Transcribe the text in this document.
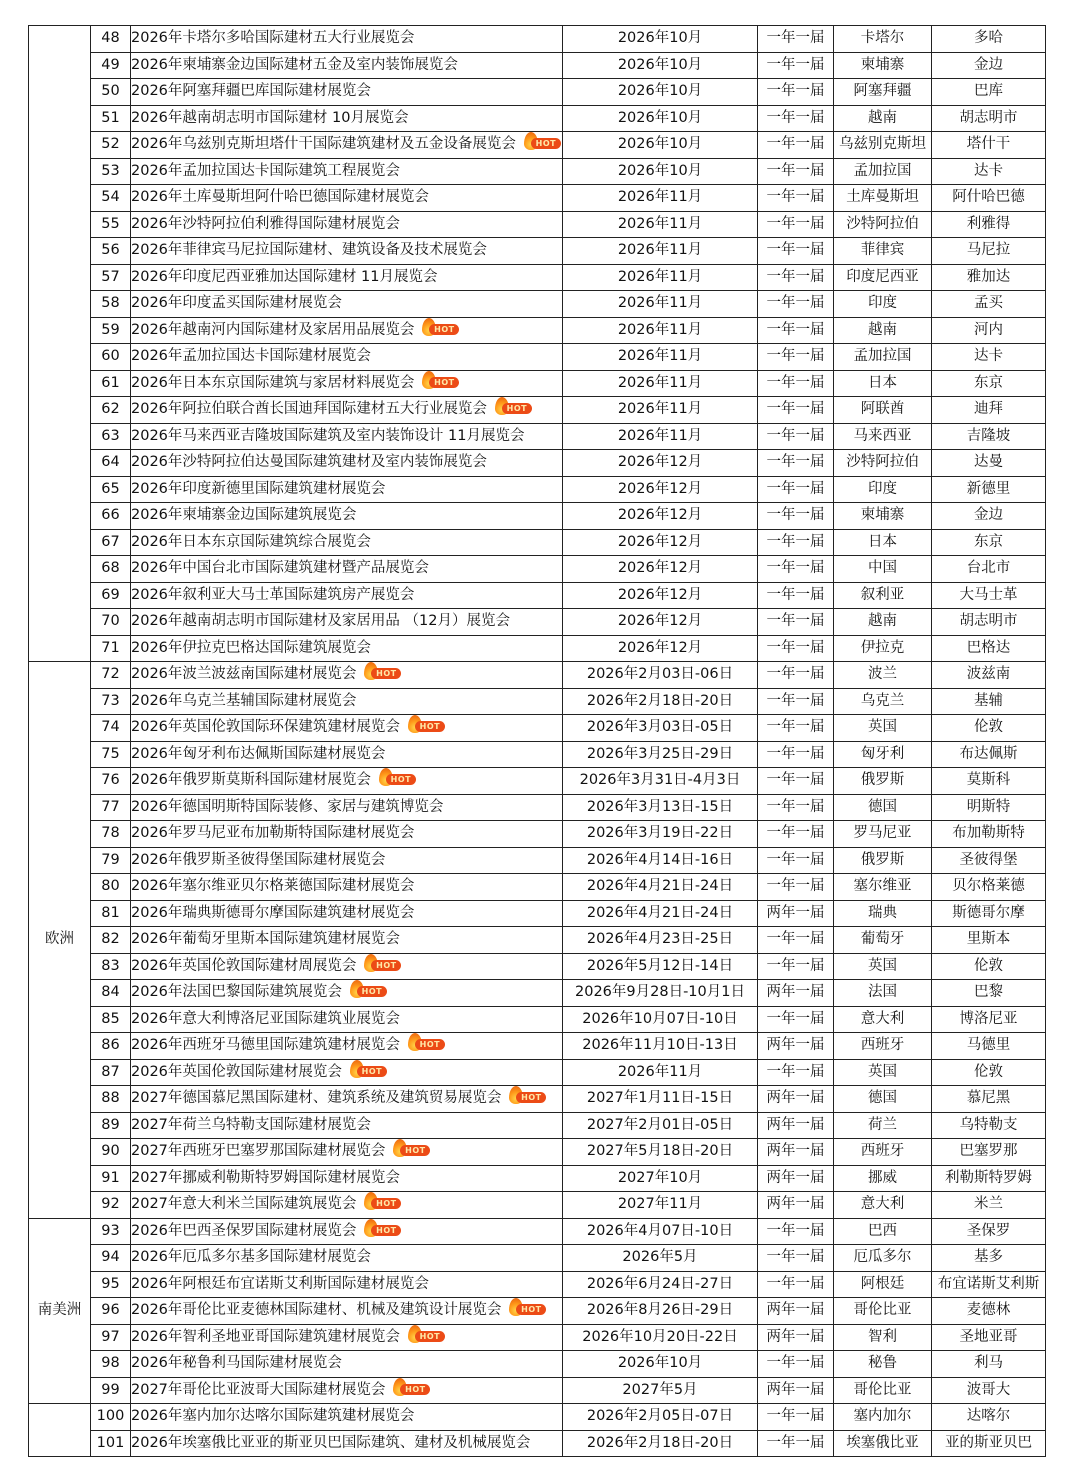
	48	2026年卡塔尔多哈国际建材五大行业展览会	2026年10月	一年一届	卡塔尔	多哈
	49	2026年柬埔寨金边国际建材五金及室内装饰展览会	2026年10月	一年一届	柬埔寨	金边
	50	2026年阿塞拜疆巴库国际建材展览会	2026年10月	一年一届	阿塞拜疆	巴库
	51	2026年越南胡志明市国际建材 10月展览会	2026年10月	一年一届	越南	胡志明市
	52	2026年乌兹别克斯坦塔什干国际建筑建材及五金设备展览会 HOT	2026年10月	一年一届	乌兹别克斯坦	塔什干
	53	2026年孟加拉国达卡国际建筑工程展览会	2026年10月	一年一届	孟加拉国	达卡
	54	2026年土库曼斯坦阿什哈巴德国际建材展览会	2026年11月	一年一届	土库曼斯坦	阿什哈巴德
	55	2026年沙特阿拉伯利雅得国际建材展览会	2026年11月	一年一届	沙特阿拉伯	利雅得
	56	2026年菲律宾马尼拉国际建材、建筑设备及技术展览会	2026年11月	一年一届	菲律宾	马尼拉
	57	2026年印度尼西亚雅加达国际建材 11月展览会	2026年11月	一年一届	印度尼西亚	雅加达
	58	2026年印度孟买国际建材展览会	2026年11月	一年一届	印度	孟买
	59	2026年越南河内国际建材及家居用品展览会 HOT	2026年11月	一年一届	越南	河内
	60	2026年孟加拉国达卡国际建材展览会	2026年11月	一年一届	孟加拉国	达卡
	61	2026年日本东京国际建筑与家居材料展览会 HOT	2026年11月	一年一届	日本	东京
	62	2026年阿拉伯联合酋长国迪拜国际建材五大行业展览会 HOT	2026年11月	一年一届	阿联酋	迪拜
	63	2026年马来西亚吉隆坡国际建筑及室内装饰设计 11月展览会	2026年11月	一年一届	马来西亚	吉隆坡
	64	2026年沙特阿拉伯达曼国际建筑建材及室内装饰展览会	2026年12月	一年一届	沙特阿拉伯	达曼
	65	2026年印度新德里国际建筑建材展览会	2026年12月	一年一届	印度	新德里
	66	2026年柬埔寨金边国际建筑展览会	2026年12月	一年一届	柬埔寨	金边
	67	2026年日本东京国际建筑综合展览会	2026年12月	一年一届	日本	东京
	68	2026年中国台北市国际建筑建材暨产品展览会	2026年12月	一年一届	中国	台北市
	69	2026年叙利亚大马士革国际建筑房产展览会	2026年12月	一年一届	叙利亚	大马士革
	70	2026年越南胡志明市国际建材及家居用品 （12月）展览会	2026年12月	一年一届	越南	胡志明市
	71	2026年伊拉克巴格达国际建筑展览会	2026年12月	一年一届	伊拉克	巴格达
欧洲	72	2026年波兰波兹南国际建材展览会 HOT	2026年2月03日-06日	一年一届	波兰	波兹南
	73	2026年乌克兰基辅国际建材展览会	2026年2月18日-20日	一年一届	乌克兰	基辅
	74	2026年英国伦敦国际环保建筑建材展览会 HOT	2026年3月03日-05日	一年一届	英国	伦敦
	75	2026年匈牙利布达佩斯国际建材展览会	2026年3月25日-29日	一年一届	匈牙利	布达佩斯
	76	2026年俄罗斯莫斯科国际建材展览会 HOT	2026年3月31日-4月3日	一年一届	俄罗斯	莫斯科
	77	2026年德国明斯特国际装修、家居与建筑博览会	2026年3月13日-15日	一年一届	德国	明斯特
	78	2026年罗马尼亚布加勒斯特国际建材展览会	2026年3月19日-22日	一年一届	罗马尼亚	布加勒斯特
	79	2026年俄罗斯圣彼得堡国际建材展览会	2026年4月14日-16日	一年一届	俄罗斯	圣彼得堡
	80	2026年塞尔维亚贝尔格莱德国际建材展览会	2026年4月21日-24日	一年一届	塞尔维亚	贝尔格莱德
	81	2026年瑞典斯德哥尔摩国际建筑建材展览会	2026年4月21日-24日	两年一届	瑞典	斯德哥尔摩
	82	2026年葡萄牙里斯本国际建筑建材展览会	2026年4月23日-25日	一年一届	葡萄牙	里斯本
	83	2026年英国伦敦国际建材周展览会 HOT	2026年5月12日-14日	一年一届	英国	伦敦
	84	2026年法国巴黎国际建筑展览会 HOT	2026年9月28日-10月1日	两年一届	法国	巴黎
	85	2026年意大利博洛尼亚国际建筑业展览会	2026年10月07日-10日	一年一届	意大利	博洛尼亚
	86	2026年西班牙马德里国际建筑建材展览会 HOT	2026年11月10日-13日	两年一届	西班牙	马德里
	87	2026年英国伦敦国际建材展览会 HOT	2026年11月	一年一届	英国	伦敦
	88	2027年德国慕尼黑国际建材、建筑系统及建筑贸易展览会 HOT	2027年1月11日-15日	两年一届	德国	慕尼黑
	89	2027年荷兰乌特勒支国际建材展览会	2027年2月01日-05日	两年一届	荷兰	乌特勒支
	90	2027年西班牙巴塞罗那国际建材展览会 HOT	2027年5月18日-20日	两年一届	西班牙	巴塞罗那
	91	2027年挪威利勒斯特罗姆国际建材展览会	2027年10月	两年一届	挪威	利勒斯特罗姆
	92	2027年意大利米兰国际建筑展览会 HOT	2027年11月	两年一届	意大利	米兰
南美洲	93	2026年巴西圣保罗国际建材展览会 HOT	2026年4月07日-10日	一年一届	巴西	圣保罗
	94	2026年厄瓜多尔基多国际建材展览会	2026年5月	一年一届	厄瓜多尔	基多
	95	2026年阿根廷布宜诺斯艾利斯国际建材展览会	2026年6月24日-27日	一年一届	阿根廷	布宜诺斯艾利斯
	96	2026年哥伦比亚麦德林国际建材、机械及建筑设计展览会 HOT	2026年8月26日-29日	两年一届	哥伦比亚	麦德林
	97	2026年智利圣地亚哥国际建筑建材展览会 HOT	2026年10月20日-22日	两年一届	智利	圣地亚哥
	98	2026年秘鲁利马国际建材展览会	2026年10月	一年一届	秘鲁	利马
	99	2027年哥伦比亚波哥大国际建材展览会 HOT	2027年5月	两年一届	哥伦比亚	波哥大
	100	2026年塞内加尔达喀尔国际建筑建材展览会	2026年2月05日-07日	一年一届	塞内加尔	达喀尔
	101	2026年埃塞俄比亚亚的斯亚贝巴国际建筑、建材及机械展览会	2026年2月18日-20日	一年一届	埃塞俄比亚	亚的斯亚贝巴
